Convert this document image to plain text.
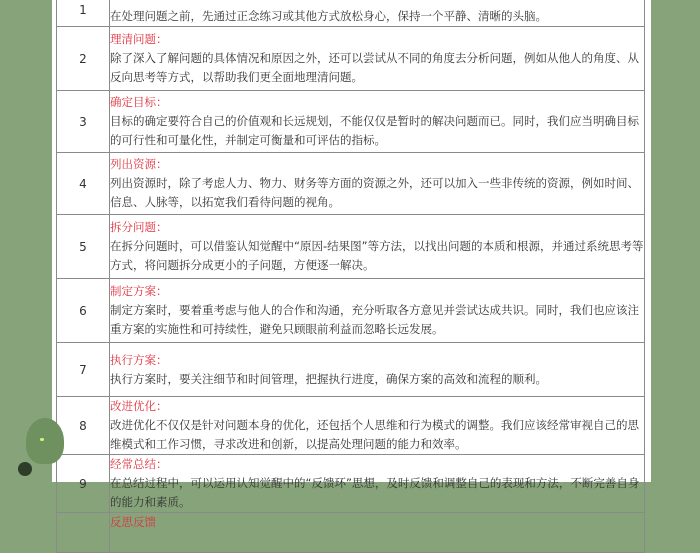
1	在处理问题之前，先通过正念练习或其他方式放松身心，保持一个平静、清晰的头脑。

2	理清问题：
除了深入了解问题的具体情况和原因之外，还可以尝试从不同的角度去分析问题，例如从他人的角度、从反向思考等方式，以帮助我们更全面地理清问题。

3	确定目标：
目标的确定要符合自己的价值观和长远规划，不能仅仅是暂时的解决问题而已。同时，我们应当明确目标的可行性和可量化性，并制定可衡量和可评估的指标。

4	列出资源：
列出资源时，除了考虑人力、物力、财务等方面的资源之外，还可以加入一些非传统的资源，例如时间、信息、人脉等，以拓宽我们看待问题的视角。

5	拆分问题：
在拆分问题时，可以借鉴认知觉醒中“原因-结果图”等方法，以找出问题的本质和根源，并通过系统思考等方式，将问题拆分成更小的子问题，方便逐一解决。

6	制定方案：
制定方案时，要着重考虑与他人的合作和沟通，充分听取各方意见并尝试达成共识。同时，我们也应该注重方案的实施性和可持续性，避免只顾眼前利益而忽略长远发展。

7	执行方案：
执行方案时，要关注细节和时间管理，把握执行进度，确保方案的高效和流程的顺利。

8	改进优化：
改进优化不仅仅是针对问题本身的优化，还包括个人思维和行为模式的调整。我们应该经常审视自己的思维模式和工作习惯，寻求改进和创新，以提高处理问题的能力和效率。

9	经常总结：
在总结过程中，可以运用认知觉醒中的“反馈环”思想，及时反馈和调整自己的表现和方法，不断完善自身的能力和素质。

	反思反馈
